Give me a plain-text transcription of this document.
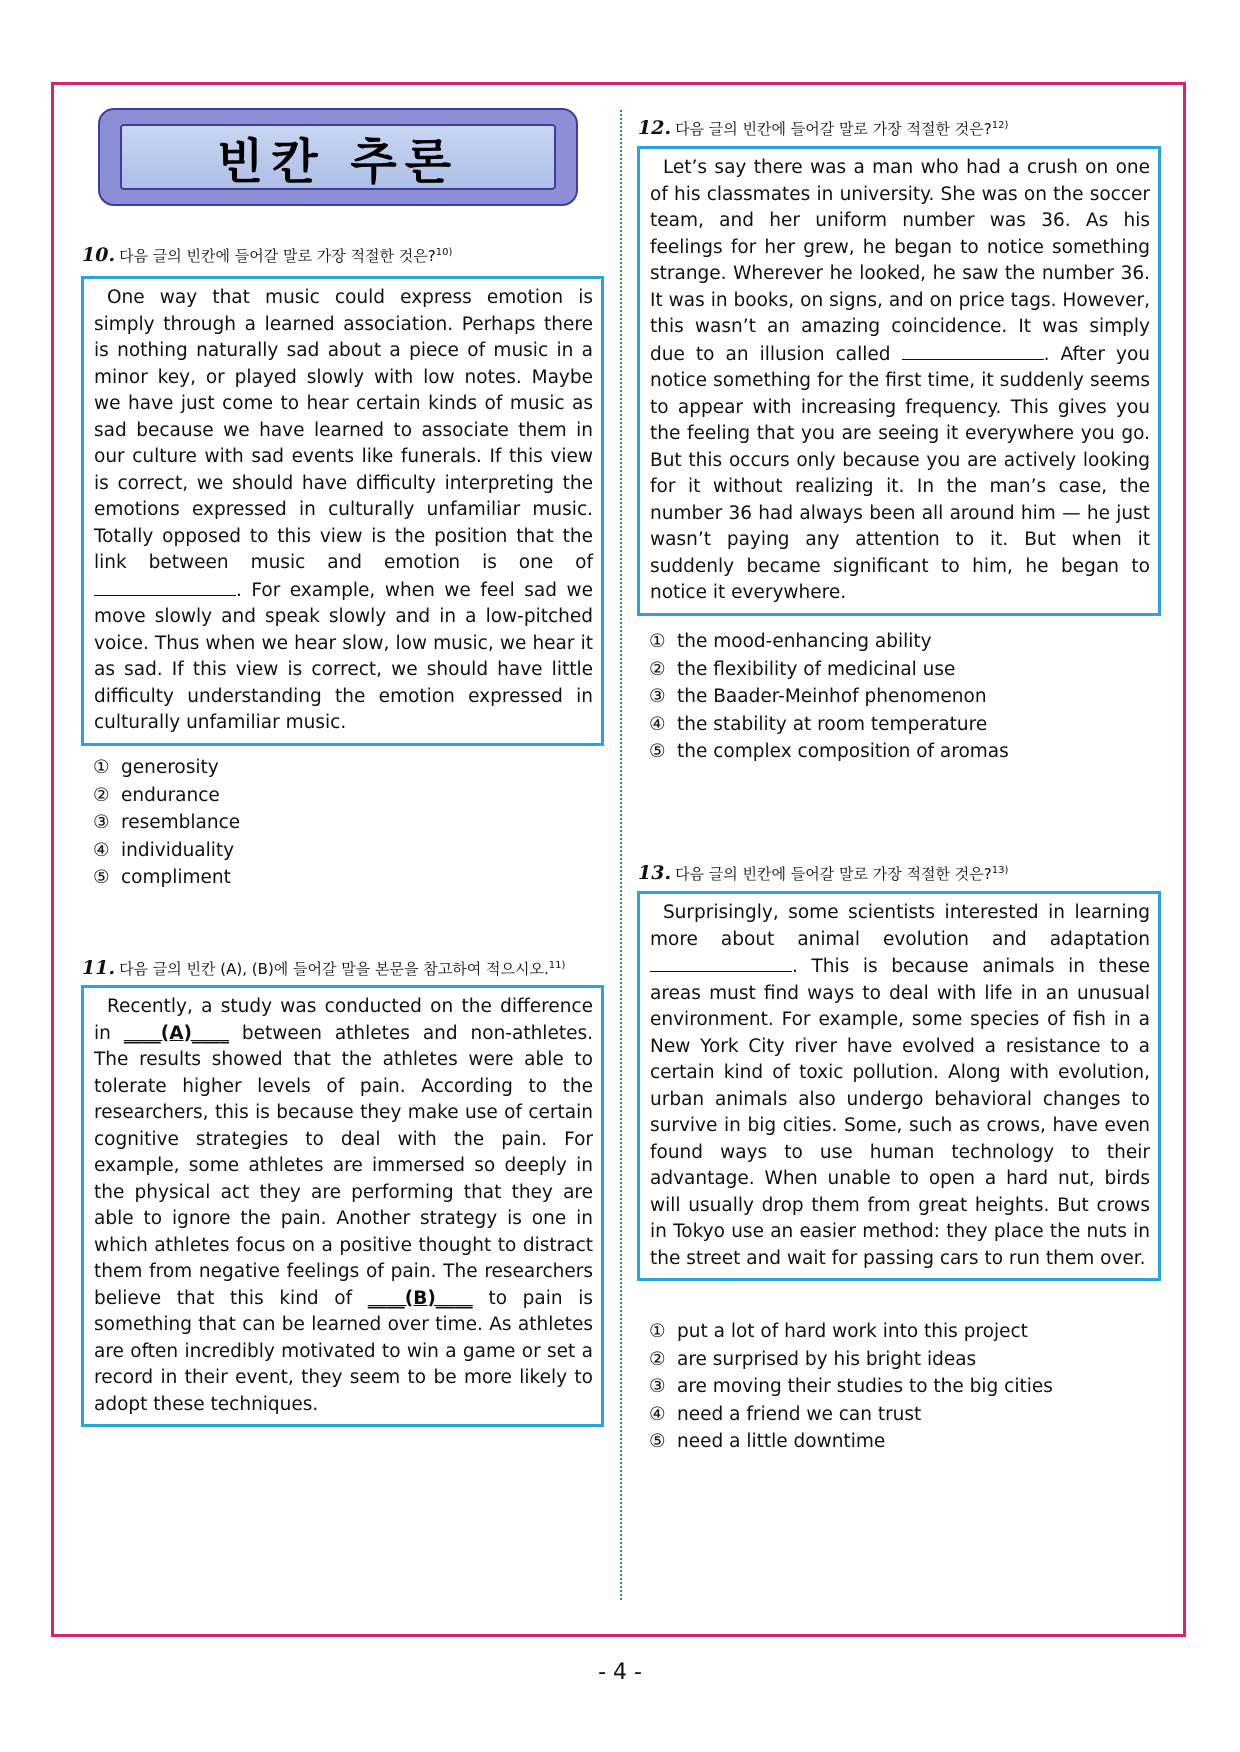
빈칸 추론
10. 다음 글의 빈칸에 들어갈 말로 가장 적절한 것은?$^{10)}$
One way that music could express emotion is simply through a learned association. Perhaps there is nothing naturally sad about a piece of music in a minor key, or played slowly with low notes. Maybe we have just come to hear certain kinds of music as sad because we have learned to associate them in our culture with sad events like funerals. If this view is correct, we should have difficulty interpreting the emotions expressed in culturally unfamiliar music. Totally opposed to this view is the position that the link between music and emotion is one of . For example, when we feel sad we move slowly and speak slowly and in a low-pitched voice. Thus when we hear slow, low music, we hear it as sad. If this view is correct, we should have little difficulty understanding the emotion expressed in culturally unfamiliar music.
① generosity
② endurance
③ resemblance
④ individuality
⑤ compliment
11. 다음 글의 빈칸 (A), (B)에 들어갈 말을 본문을 참고하여 적으시오.$^{11)}$
Recently, a study was conducted on the difference in ____(A)____ between athletes and non-athletes. The results showed that the athletes were able to tolerate higher levels of pain. According to the researchers, this is because they make use of certain cognitive strategies to deal with the pain. For example, some athletes are immersed so deeply in the physical act they are performing that they are able to ignore the pain. Another strategy is one in which athletes focus on a positive thought to distract them from negative feelings of pain. The researchers believe that this kind of ____(B)____ to pain is something that can be learned over time. As athletes are often incredibly motivated to win a game or set a record in their event, they seem to be more likely to adopt these techniques.
12. 다음 글의 빈칸에 들어갈 말로 가장 적절한 것은?$^{12)}$
Let’s say there was a man who had a crush on one of his classmates in university. She was on the soccer team, and her uniform number was 36. As his feelings for her grew, he began to notice something strange. Wherever he looked, he saw the number 36. It was in books, on signs, and on price tags. However, this wasn’t an amazing coincidence. It was simply due to an illusion called	. After you notice something for the first time, it suddenly seems to appear with increasing frequency. This gives you the feeling that you are seeing it everywhere you go. But this occurs only because you are actively looking for it without realizing it. In the man’s case, the number 36 had always been all around him — he just wasn’t paying any attention to it. But when it suddenly became significant to him, he began to notice it everywhere.
① the mood-enhancing ability
② the flexibility of medicinal use
③ the Baader-Meinhof phenomenon
④ the stability at room temperature
⑤ the complex composition of aromas
13. 다음 글의 빈칸에 들어갈 말로 가장 적절한 것은?$^{13)}$
Surprisingly, some scientists interested in learning more about animal evolution and adaptation . This is because animals in these areas must find ways to deal with life in an unusual environment. For example, some species of fish in a New York City river have evolved a resistance to a certain kind of toxic pollution. Along with evolution, urban animals also undergo behavioral changes to survive in big cities. Some, such as crows, have even found ways to use human technology to their advantage. When unable to open a hard nut, birds will usually drop them from great heights. But crows in Tokyo use an easier method: they place the nuts in the street and wait for passing cars to run them over.
① put a lot of hard work into this project
② are surprised by his bright ideas
③ are moving their studies to the big cities
④ need a friend we can trust
⑤ need a little downtime
- 4 -
